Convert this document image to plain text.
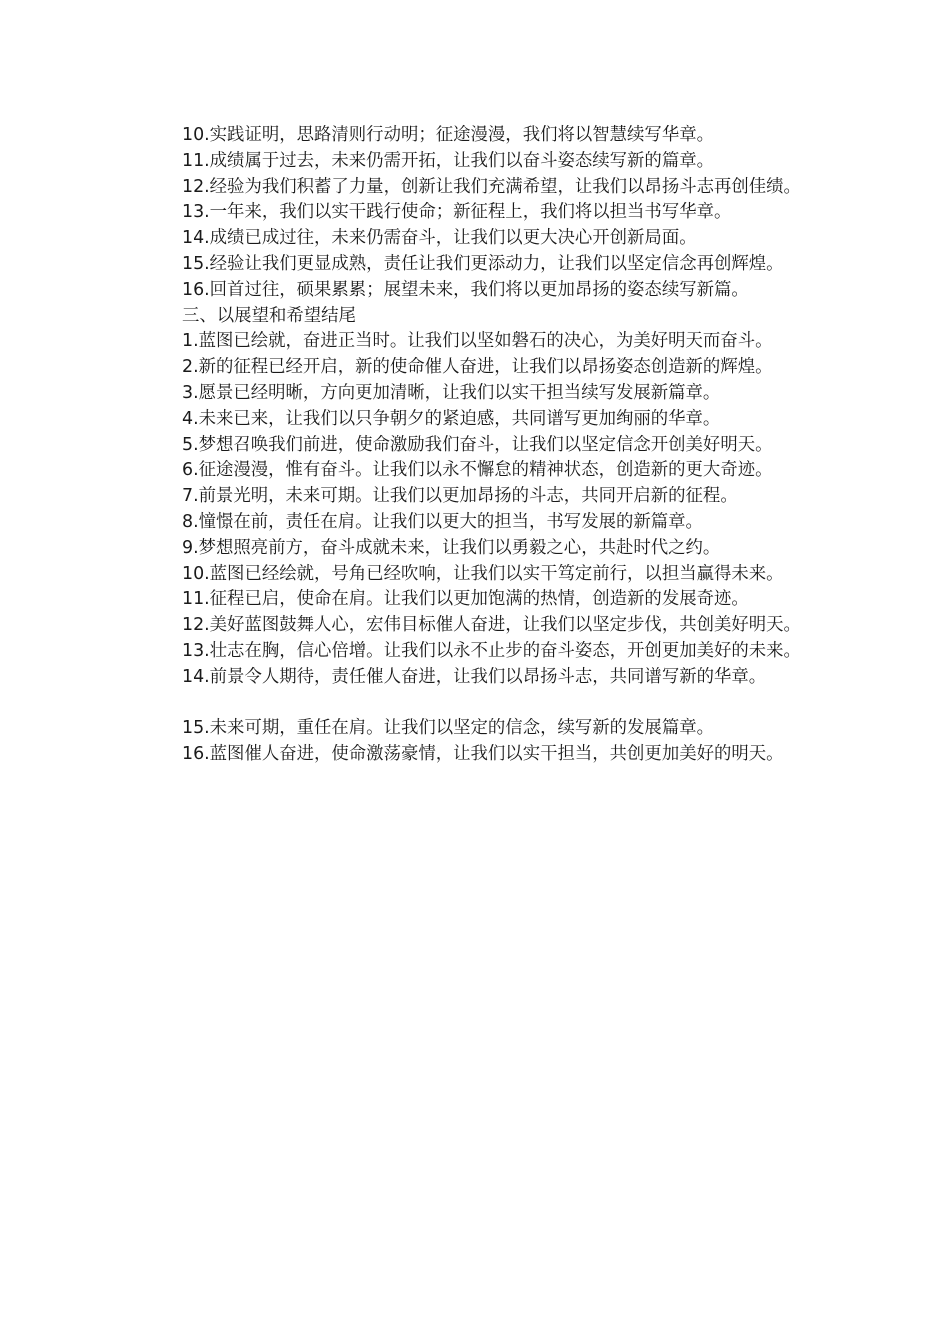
10.实践证明，思路清则行动明；征途漫漫，我们将以智慧续写华章。

11.成绩属于过去，未来仍需开拓，让我们以奋斗姿态续写新的篇章。

12.经验为我们积蓄了力量，创新让我们充满希望，让我们以昂扬斗志再创佳绩。

13.一年来，我们以实干践行使命；新征程上，我们将以担当书写华章。

14.成绩已成过往，未来仍需奋斗，让我们以更大决心开创新局面。

15.经验让我们更显成熟，责任让我们更添动力，让我们以坚定信念再创辉煌。

16.回首过往，硕果累累；展望未来，我们将以更加昂扬的姿态续写新篇。

三、以展望和希望结尾

1.蓝图已绘就，奋进正当时。让我们以坚如磐石的决心，为美好明天而奋斗。

2.新的征程已经开启，新的使命催人奋进，让我们以昂扬姿态创造新的辉煌。

3.愿景已经明晰，方向更加清晰，让我们以实干担当续写发展新篇章。

4.未来已来，让我们以只争朝夕的紧迫感，共同谱写更加绚丽的华章。

5.梦想召唤我们前进，使命激励我们奋斗，让我们以坚定信念开创美好明天。

6.征途漫漫，惟有奋斗。让我们以永不懈怠的精神状态，创造新的更大奇迹。

7.前景光明，未来可期。让我们以更加昂扬的斗志，共同开启新的征程。

8.憧憬在前，责任在肩。让我们以更大的担当，书写发展的新篇章。

9.梦想照亮前方，奋斗成就未来，让我们以勇毅之心，共赴时代之约。

10.蓝图已经绘就，号角已经吹响，让我们以实干笃定前行，以担当赢得未来。

11.征程已启，使命在肩。让我们以更加饱满的热情，创造新的发展奇迹。

12.美好蓝图鼓舞人心，宏伟目标催人奋进，让我们以坚定步伐，共创美好明天。

13.壮志在胸，信心倍增。让我们以永不止步的奋斗姿态，开创更加美好的未来。

14.前景令人期待，责任催人奋进，让我们以昂扬斗志，共同谱写新的华章。

15.未来可期，重任在肩。让我们以坚定的信念，续写新的发展篇章。

16.蓝图催人奋进，使命激荡豪情，让我们以实干担当，共创更加美好的明天。
